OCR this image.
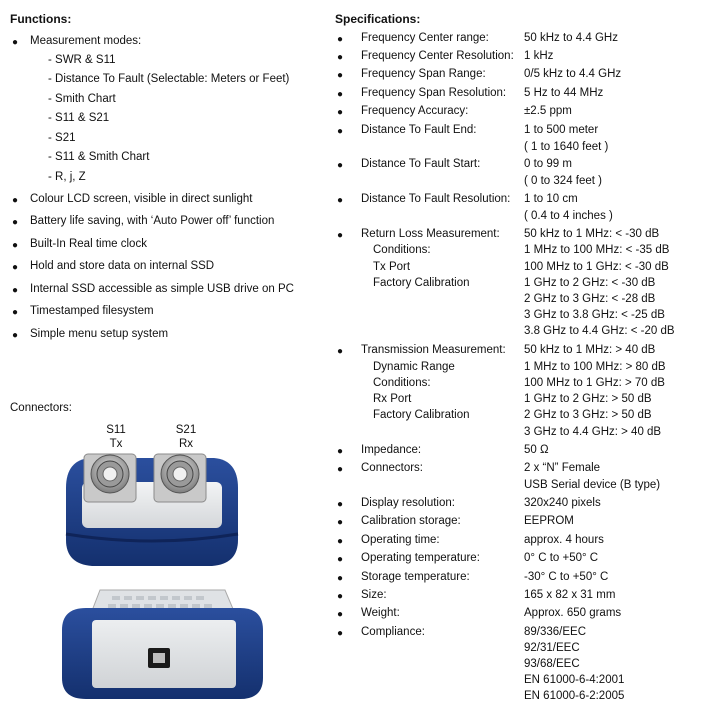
Functions:
● Measurement modes:
- SWR & S11
- Distance To Fault (Selectable: Meters or Feet)
- Smith Chart
- S11 & S21
- S21
- S11 & Smith Chart
- R, j, Z
● Colour LCD screen, visible in direct sunlight
● Battery life saving, with ‘Auto Power off’ function
● Built-In Real time clock
● Hold and store data on internal SSD
● Internal SSD accessible as simple USB drive on PC
● Timestamped filesystem
● Simple menu setup system
Connectors:
S11
Tx
S21
Rx
Specifications:
●
●
●
●
●
●
●
●
●
●
●
●
●
●
●
●
●
●
●
●
Frequency Center range:
Frequency Center Resolution:
Frequency Span Range:
Frequency Span Resolution:
Frequency Accuracy:
Distance To Fault End:
Distance To Fault Start:
Distance To Fault Resolution:
Return Loss Measurement:
Conditions:
Tx Port
Factory Calibration
Transmission Measurement:
Dynamic Range
Conditions:
Rx Port
Factory Calibration
Impedance:
Connectors:
Display resolution:
Calibration storage:
Operating time:
Operating temperature:
Storage temperature:
Size:
Weight:
Compliance:
50 kHz to 4.4 GHz
1 kHz
0/5 kHz to 4.4 GHz
5 Hz to 44 MHz
±2.5 ppm
1 to 500 meter
( 1 to 1640 feet )
0 to 99 m
( 0 to 324 feet )
1 to 10 cm
( 0.4 to 4 inches )
50 kHz to 1 MHz: < -30 dB
1 MHz to 100 MHz: < -35 dB
100 MHz to 1 GHz: < -30 dB
1 GHz to 2 GHz: < -30 dB
2 GHz to 3 GHz: < -28 dB
3 GHz to 3.8 GHz: < -25 dB
3.8 GHz to 4.4 GHz: < -20 dB
50 kHz to 1 MHz: > 40 dB
1 MHz to 100 MHz: > 80 dB
100 MHz to 1 GHz: > 70 dB
1 GHz to 2 GHz: > 50 dB
2 GHz to 3 GHz: > 50 dB
3 GHz to 4.4 GHz: > 40 dB
50 Ω
2 x “N” Female
USB Serial device (B type)
320x240 pixels
EEPROM
approx. 4 hours
0° C to +50° C
-30° C to +50° C
165 x 82 x 31 mm
Approx. 650 grams
89/336/EEC
92/31/EEC
93/68/EEC
EN 61000-6-4:2001
EN 61000-6-2:2005
